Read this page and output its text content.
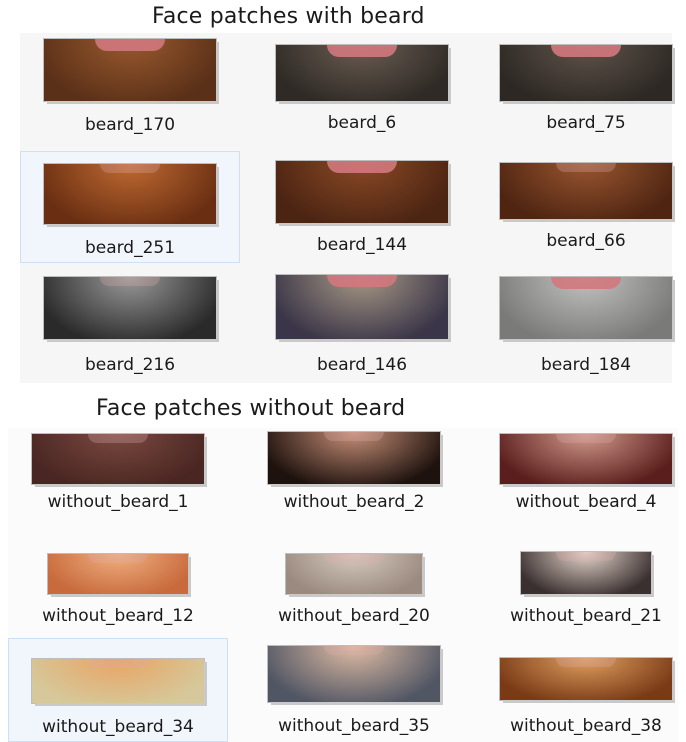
Face patches with beard
beard_170	beard_6	beard_75
beard_251	beard_144	beard_66
beard_216	beard_146	beard_184
Face patches without beard
without_beard_1	without_beard_2	without_beard_4
without_beard_12	without_beard_20	without_beard_21
without_beard_34	without_beard_35	without_beard_38
